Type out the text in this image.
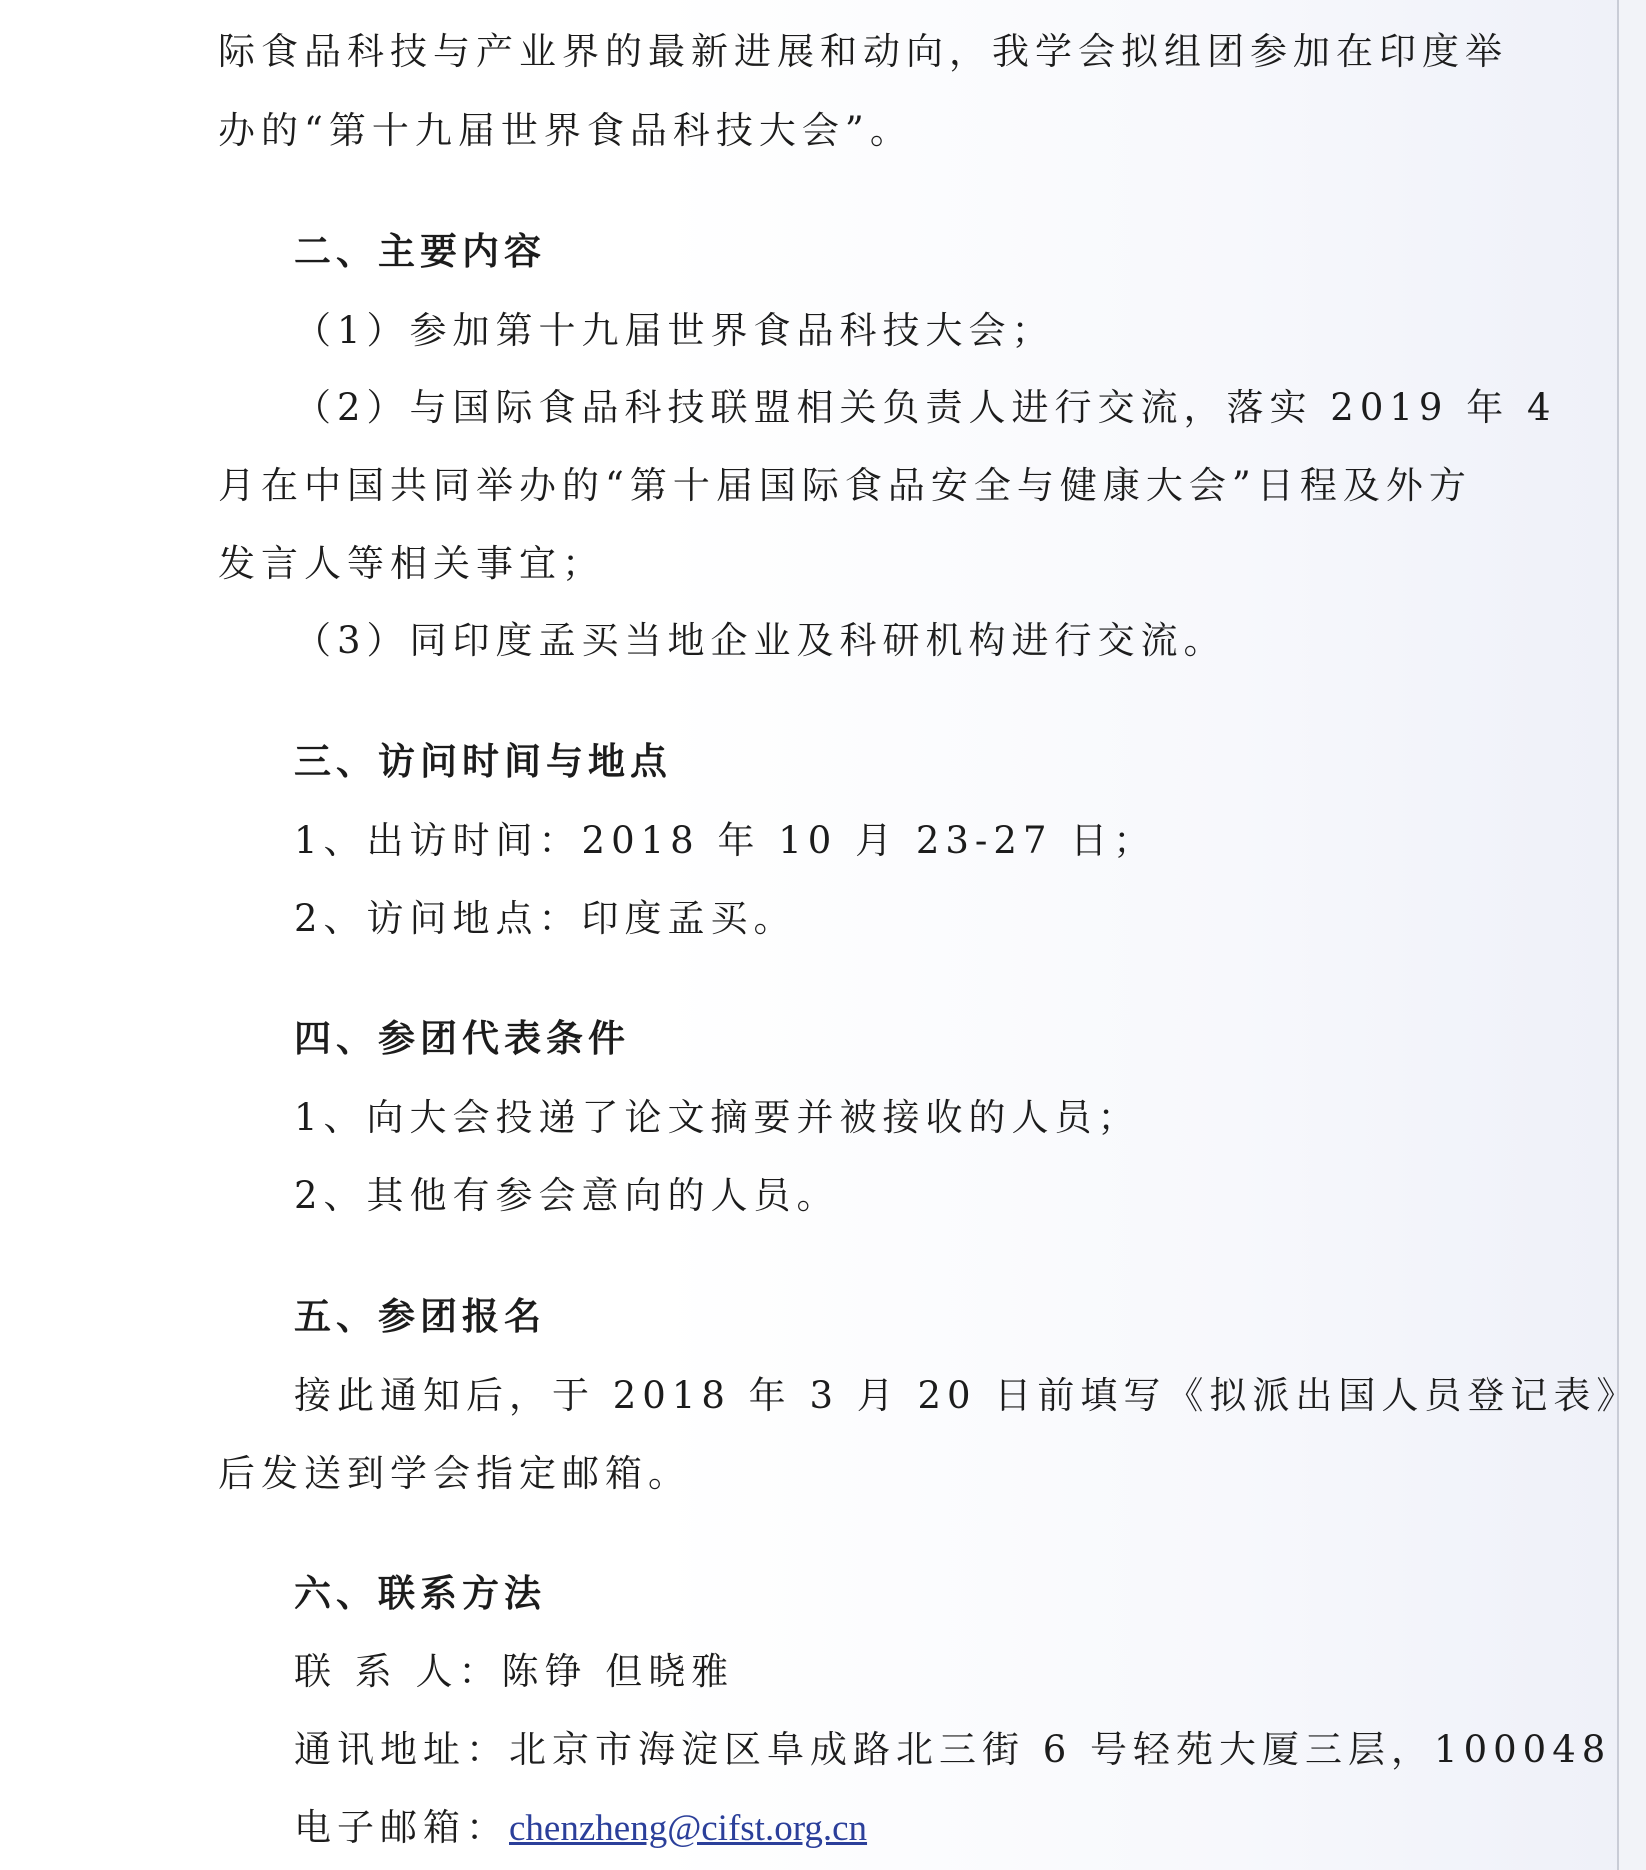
际食品科技与产业界的最新进展和动向，我学会拟组团参加在印度举
办的“第十九届世界食品科技大会”。
二、主要内容
（1）参加第十九届世界食品科技大会；
（2）与国际食品科技联盟相关负责人进行交流，落实 2019 年 4
月在中国共同举办的“第十届国际食品安全与健康大会”日程及外方
发言人等相关事宜；
（3）同印度孟买当地企业及科研机构进行交流。
三、访问时间与地点
1、出访时间：2018 年 10 月 23-27 日；
2、访问地点：印度孟买。
四、参团代表条件
1、向大会投递了论文摘要并被接收的人员；
2、其他有参会意向的人员。
五、参团报名
接此通知后，于 2018 年 3 月 20 日前填写《拟派出国人员登记表》
后发送到学会指定邮箱。
六、联系方法
联 系 人：陈铮 但晓雅
通讯地址：北京市海淀区阜成路北三街 6 号轻苑大厦三层，100048
电子邮箱：chenzheng@cifst.org.cn
